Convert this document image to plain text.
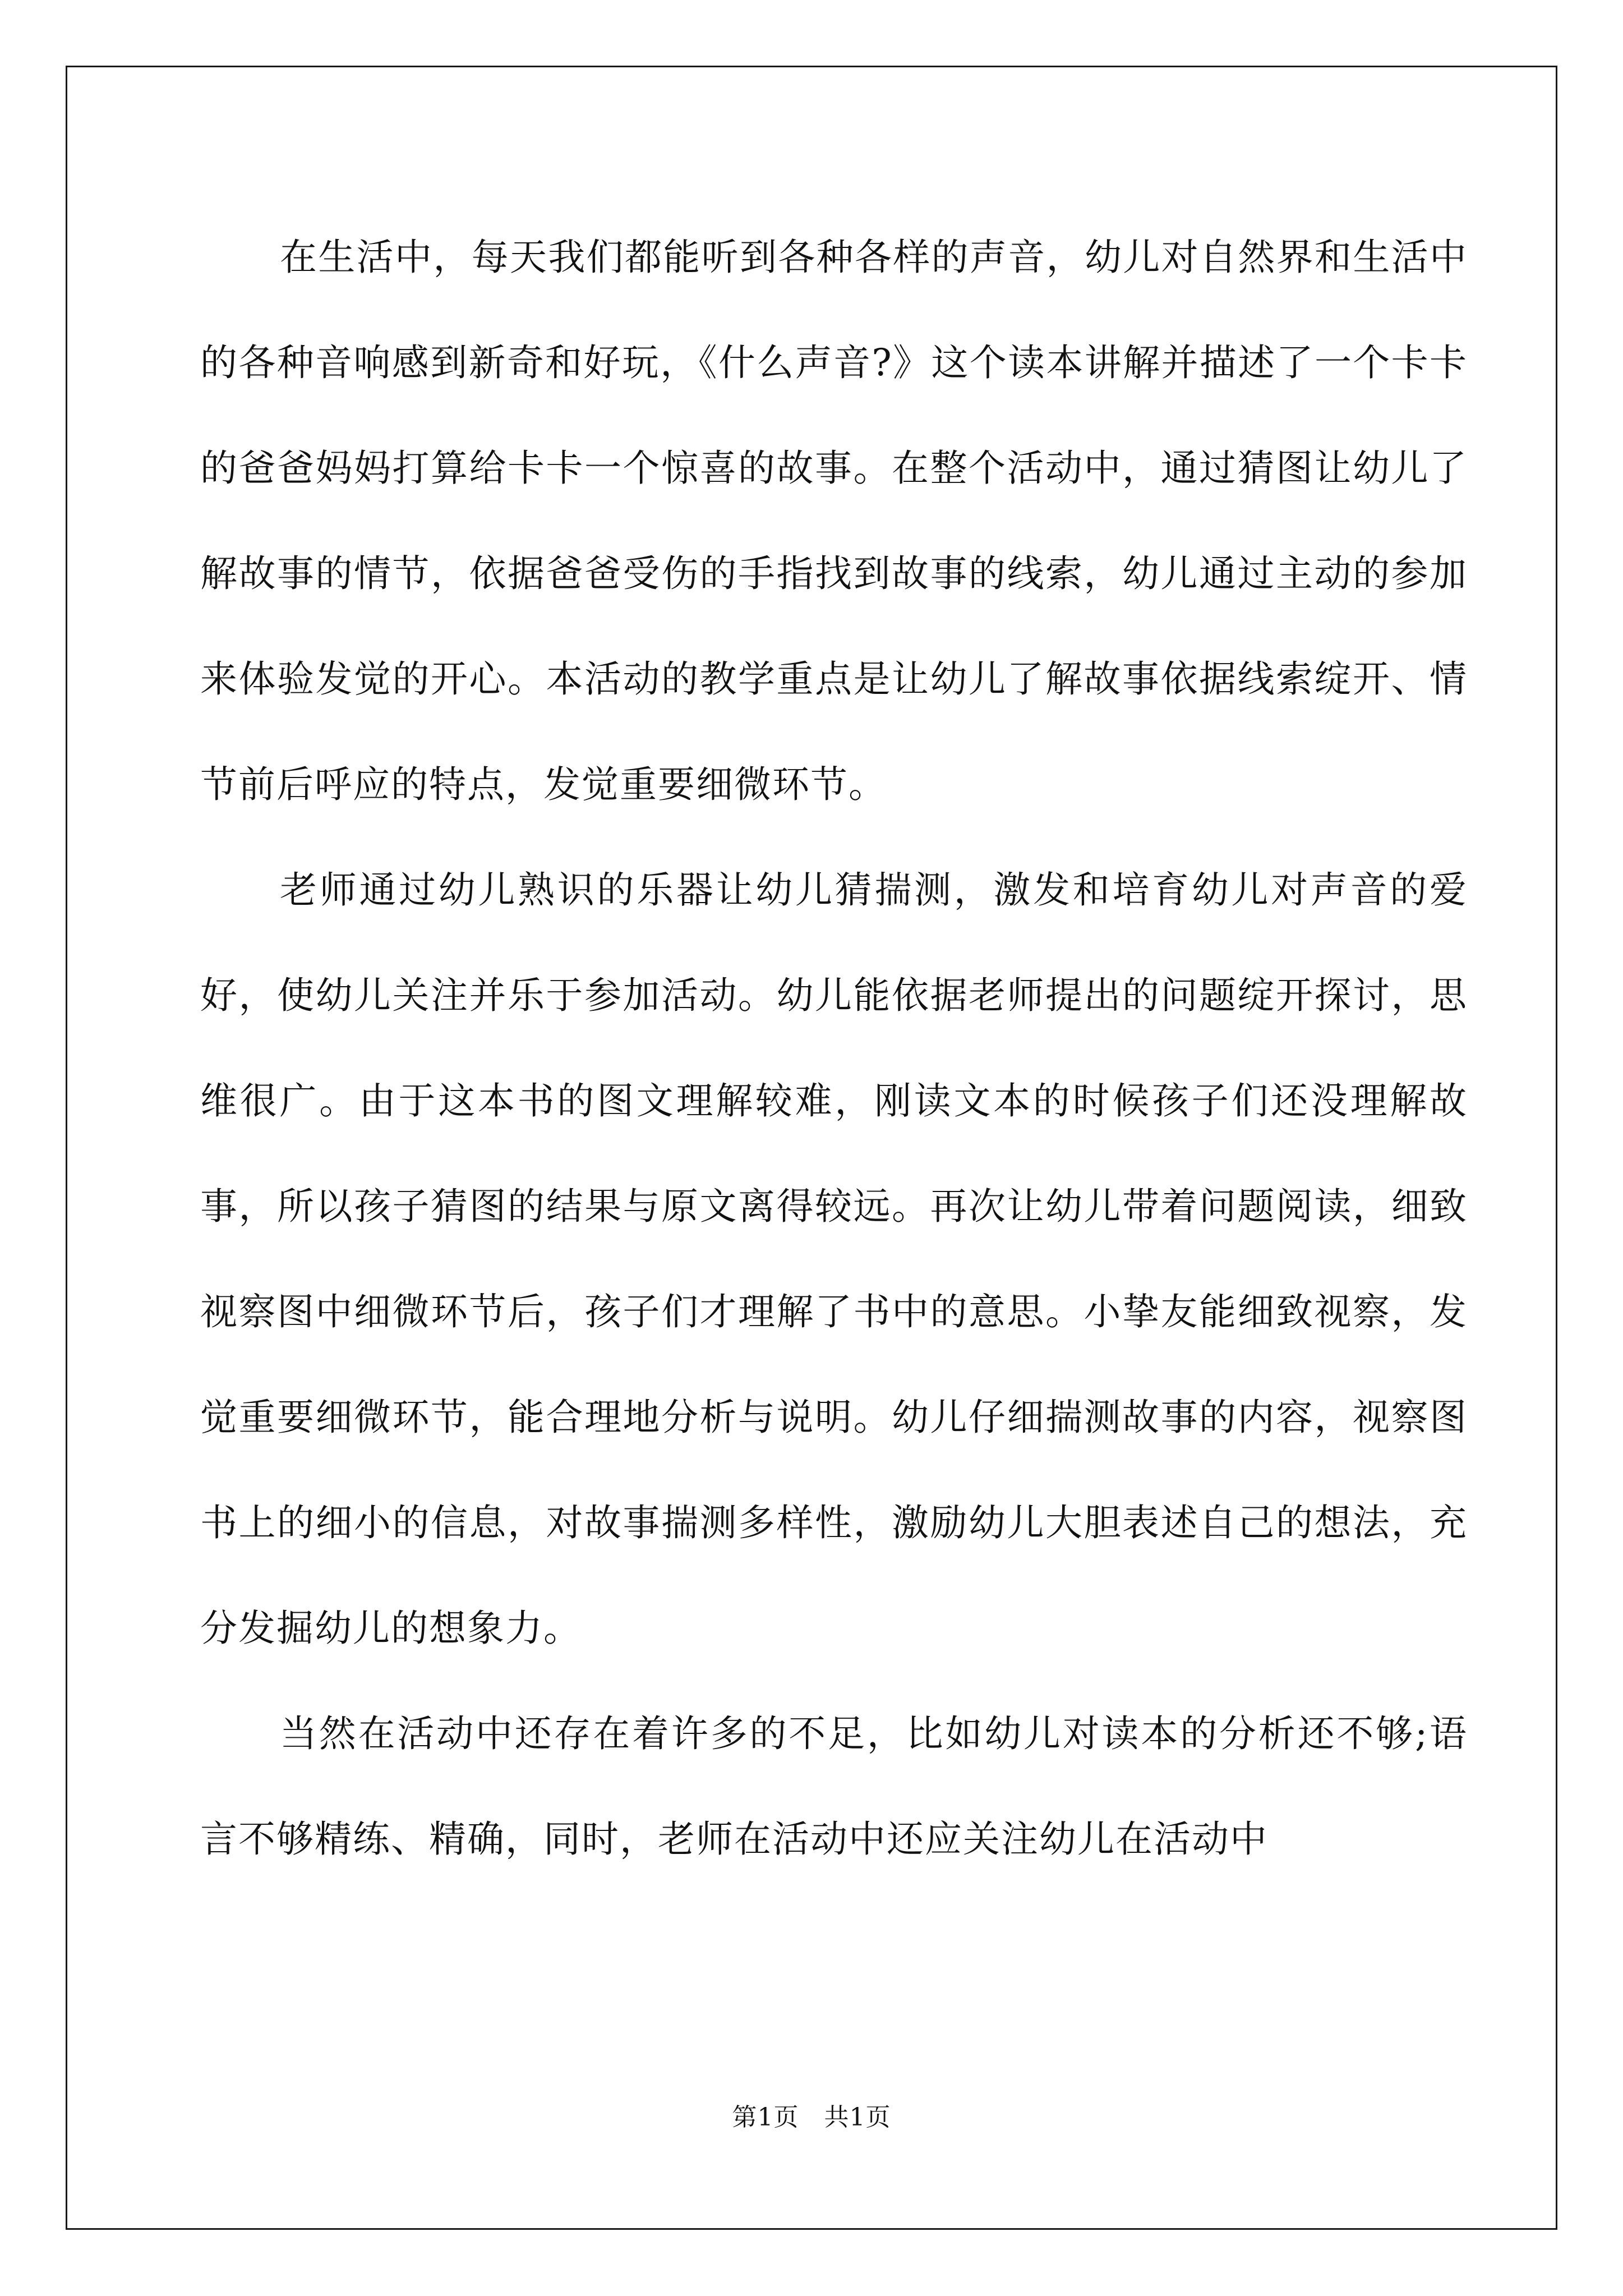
在生活中，每天我们都能听到各种各样的声音，幼儿对自然界和生活中的各种音响感到新奇和好玩，《什么声音?》这个读本讲解并描述了一个卡卡的爸爸妈妈打算给卡卡一个惊喜的故事。在整个活动中，通过猜图让幼儿了解故事的情节，依据爸爸受伤的手指找到故事的线索，幼儿通过主动的参加来体验发觉的开心。本活动的教学重点是让幼儿了解故事依据线索绽开、情节前后呼应的特点，发觉重要细微环节。

老师通过幼儿熟识的乐器让幼儿猜揣测，激发和培育幼儿对声音的爱好，使幼儿关注并乐于参加活动。幼儿能依据老师提出的问题绽开探讨，思维很广。由于这本书的图文理解较难，刚读文本的时候孩子们还没理解故事，所以孩子猜图的结果与原文离得较远。再次让幼儿带着问题阅读，细致视察图中细微环节后，孩子们才理解了书中的意思。小挚友能细致视察，发觉重要细微环节，能合理地分析与说明。幼儿仔细揣测故事的内容，视察图书上的细小的信息，对故事揣测多样性，激励幼儿大胆表述自己的想法，充分发掘幼儿的想象力。

当然在活动中还存在着许多的不足，比如幼儿对读本的分析还不够;语言不够精练、精确，同时，老师在活动中还应关注幼儿在活动中

第1页　共1页
